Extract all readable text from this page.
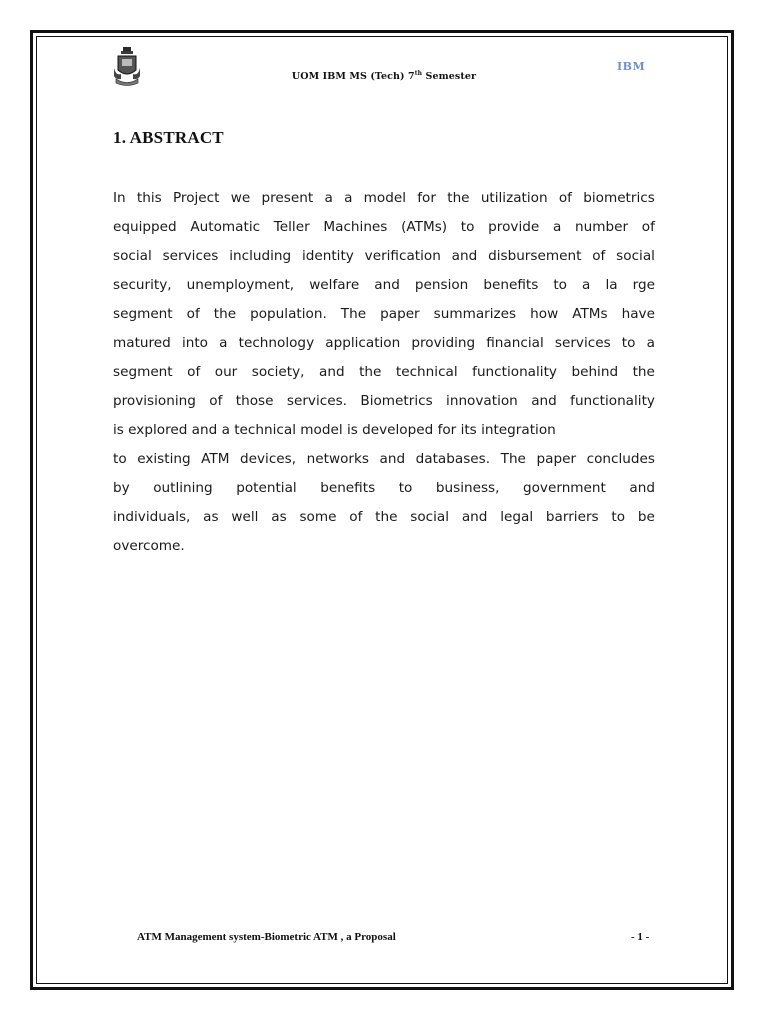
UOM IBM MS (Tech) 7th Semester
IBM
1. ABSTRACT
In this Project we present a a model for the utilization of biometrics
equipped Automatic Teller Machines (ATMs) to provide a number of
social services including identity verification and disbursement of social
security, unemployment, welfare and pension benefits to a la rge
segment of the population. The paper summarizes how ATMs have
matured into a technology application providing financial services to a
segment of our society, and the technical functionality behind the
provisioning of those services. Biometrics innovation and functionality
is explored and a technical model is developed for its integration
to existing ATM devices, networks and databases. The paper concludes
by outlining potential benefits to business, government and
individuals, as well as some of the social and legal barriers to be
overcome.
ATM Management system-Biometric ATM , a Proposal	- 1 -
